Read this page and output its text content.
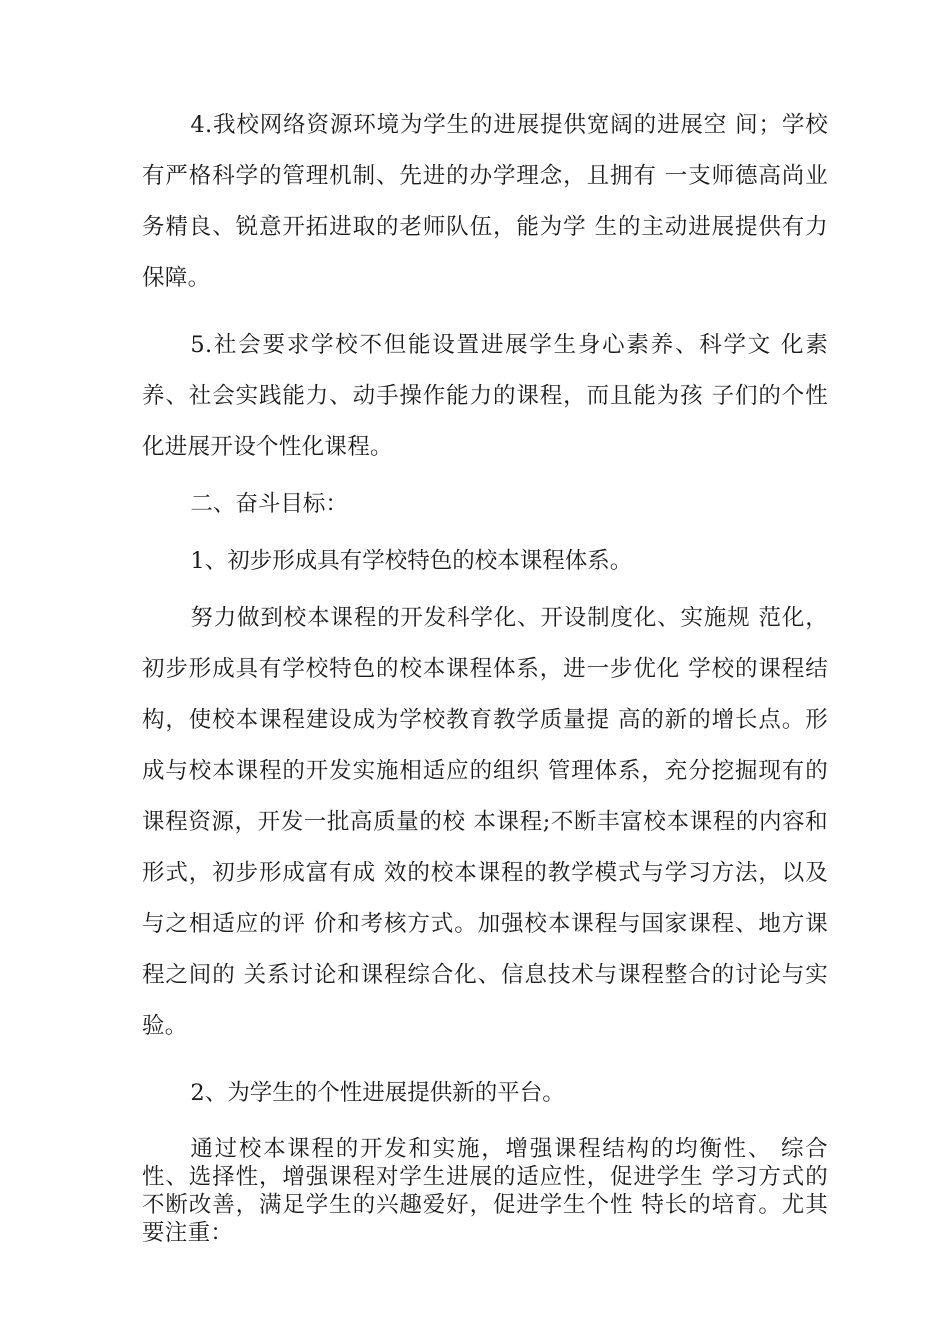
4.我校网络资源环境为学生的进展提供宽阔的进展空 间；学校有严格科学的管理机制、先进的办学理念，且拥有 一支师德高尚业务精良、锐意开拓进取的老师队伍，能为学 生的主动进展提供有力保障。

5.社会要求学校不但能设置进展学生身心素养、科学文 化素养、社会实践能力、动手操作能力的课程，而且能为孩 子们的个性化进展开设个性化课程。

二、奋斗目标：

1、初步形成具有学校特色的校本课程体系。

努力做到校本课程的开发科学化、开设制度化、实施规 范化，初步形成具有学校特色的校本课程体系，进一步优化 学校的课程结构，使校本课程建设成为学校教育教学质量提 高的新的增长点。形成与校本课程的开发实施相适应的组织 管理体系，充分挖掘现有的课程资源，开发一批高质量的校 本课程;不断丰富校本课程的内容和形式，初步形成富有成 效的校本课程的教学模式与学习方法，以及与之相适应的评 价和考核方式。加强校本课程与国家课程、地方课程之间的 关系讨论和课程综合化、信息技术与课程整合的讨论与实验。

2、为学生的个性进展提供新的平台。

通过校本课程的开发和实施，增强课程结构的均衡性、 综合性、选择性，增强课程对学生进展的适应性，促进学生 学习方式的不断改善，满足学生的兴趣爱好，促进学生个性 特长的培育。尤其要注重：
